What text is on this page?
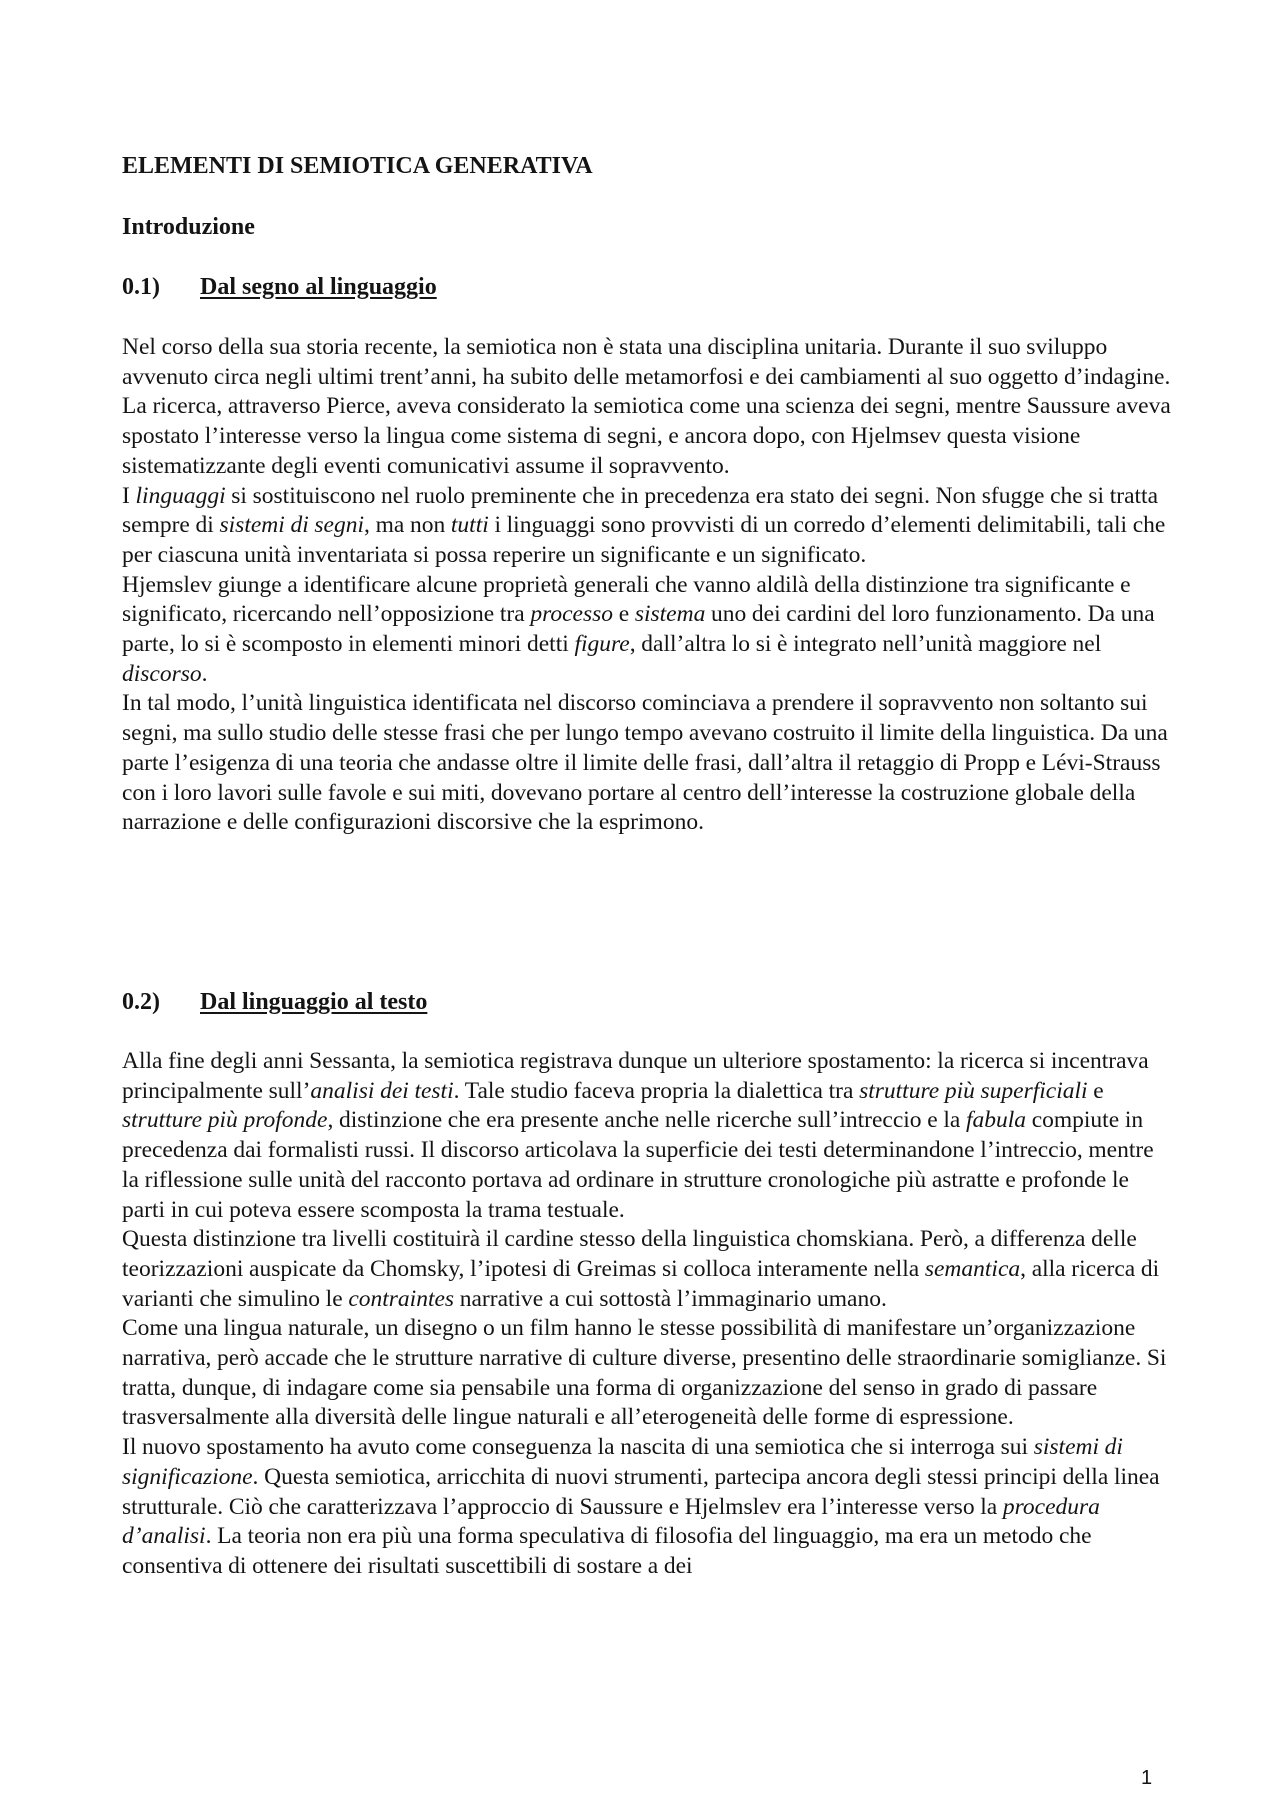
ELEMENTI DI SEMIOTICA GENERATIVA
Introduzione
0.1) Dal segno al linguaggio

Nel corso della sua storia recente, la semiotica non è stata una disciplina unitaria. Durante il suo sviluppo avvenuto circa negli ultimi trent’anni, ha subito delle metamorfosi e dei cambiamenti al suo oggetto d’indagine.

La ricerca, attraverso Pierce, aveva considerato la semiotica come una scienza dei segni, mentre Saussure aveva spostato l’interesse verso la lingua come sistema di segni, e ancora dopo, con Hjelmsev questa visione sistematizzante degli eventi comunicativi assume il sopravvento.

I linguaggi si sostituiscono nel ruolo preminente che in precedenza era stato dei segni. Non sfugge che si tratta sempre di sistemi di segni, ma non tutti i linguaggi sono provvisti di un corredo d’elementi delimitabili, tali che per ciascuna unità inventariata si possa reperire un significante e un significato.

Hjemslev giunge a identificare alcune proprietà generali che vanno aldilà della distinzione tra significante e significato, ricercando nell’opposizione tra processo e sistema uno dei cardini del loro funzionamento. Da una parte, lo si è scomposto in elementi minori detti figure, dall’altra lo si è integrato nell’unità maggiore nel discorso.

In tal modo, l’unità linguistica identificata nel discorso cominciava a prendere il sopravvento non soltanto sui segni, ma sullo studio delle stesse frasi che per lungo tempo avevano costruito il limite della linguistica. Da una parte l’esigenza di una teoria che andasse oltre il limite delle frasi, dall’altra il retaggio di Propp e Lévi-Strauss con i loro lavori sulle favole e sui miti, dovevano portare al centro dell’interesse la costruzione globale della narrazione e delle configurazioni discorsive che la esprimono.

0.2) Dal linguaggio al testo

Alla fine degli anni Sessanta, la semiotica registrava dunque un ulteriore spostamento: la ricerca si incentrava principalmente sull’analisi dei testi. Tale studio faceva propria la dialettica tra strutture più superficiali e strutture più profonde, distinzione che era presente anche nelle ricerche sull’intreccio e la fabula compiute in precedenza dai formalisti russi. Il discorso articolava la superficie dei testi determinandone l’intreccio, mentre la riflessione sulle unità del racconto portava ad ordinare in strutture cronologiche più astratte e profonde le parti in cui poteva essere scomposta la trama testuale.

Questa distinzione tra livelli costituirà il cardine stesso della linguistica chomskiana. Però, a differenza delle teorizzazioni auspicate da Chomsky, l’ipotesi di Greimas si colloca interamente nella semantica, alla ricerca di varianti che simulino le contraintes narrative a cui sottostà l’immaginario umano.

Come una lingua naturale, un disegno o un film hanno le stesse possibilità di manifestare un’organizzazione narrativa, però accade che le strutture narrative di culture diverse, presentino delle straordinarie somiglianze. Si tratta, dunque, di indagare come sia pensabile una forma di organizzazione del senso in grado di passare trasversalmente alla diversità delle lingue naturali e all’eterogeneità delle forme di espressione.

Il nuovo spostamento ha avuto come conseguenza la nascita di una semiotica che si interroga sui sistemi di significazione. Questa semiotica, arricchita di nuovi strumenti, partecipa ancora degli stessi principi della linea strutturale. Ciò che caratterizzava l’approccio di Saussure e Hjelmslev era l’interesse verso la procedura d’analisi. La teoria non era più una forma speculativa di filosofia del linguaggio, ma era un metodo che consentiva di ottenere dei risultati suscettibili di sostare a dei

1
